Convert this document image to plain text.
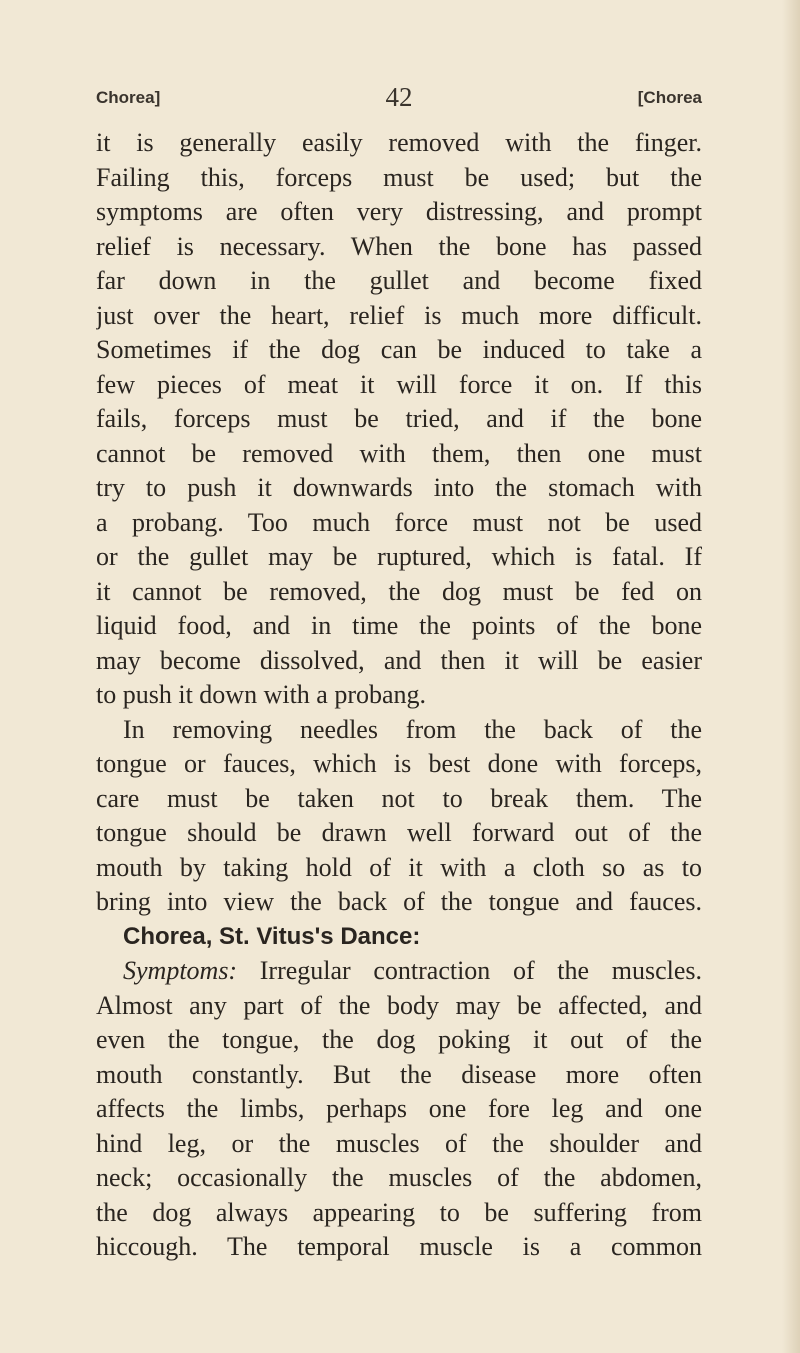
Chorea]	42	[Chorea
it is generally easily removed with the finger.
Failing this, forceps must be used; but the
symptoms are often very distressing, and prompt
relief is necessary. When the bone has passed
far down in the gullet and become fixed
just over the heart, relief is much more difficult.
Sometimes if the dog can be induced to take a
few pieces of meat it will force it on. If this
fails, forceps must be tried, and if the bone
cannot be removed with them, then one must
try to push it downwards into the stomach with
a probang. Too much force must not be used
or the gullet may be ruptured, which is fatal. If
it cannot be removed, the dog must be fed on
liquid food, and in time the points of the bone
may become dissolved, and then it will be easier
to push it down with a probang.
In removing needles from the back of the
tongue or fauces, which is best done with forceps,
care must be taken not to break them. The
tongue should be drawn well forward out of the
mouth by taking hold of it with a cloth so as to
bring into view the back of the tongue and fauces.
Chorea, St. Vitus's Dance:
Symptoms: Irregular contraction of the muscles.
Almost any part of the body may be affected, and
even the tongue, the dog poking it out of the
mouth constantly. But the disease more often
affects the limbs, perhaps one fore leg and one
hind leg, or the muscles of the shoulder and
neck; occasionally the muscles of the abdomen,
the dog always appearing to be suffering from
hiccough. The temporal muscle is a common
